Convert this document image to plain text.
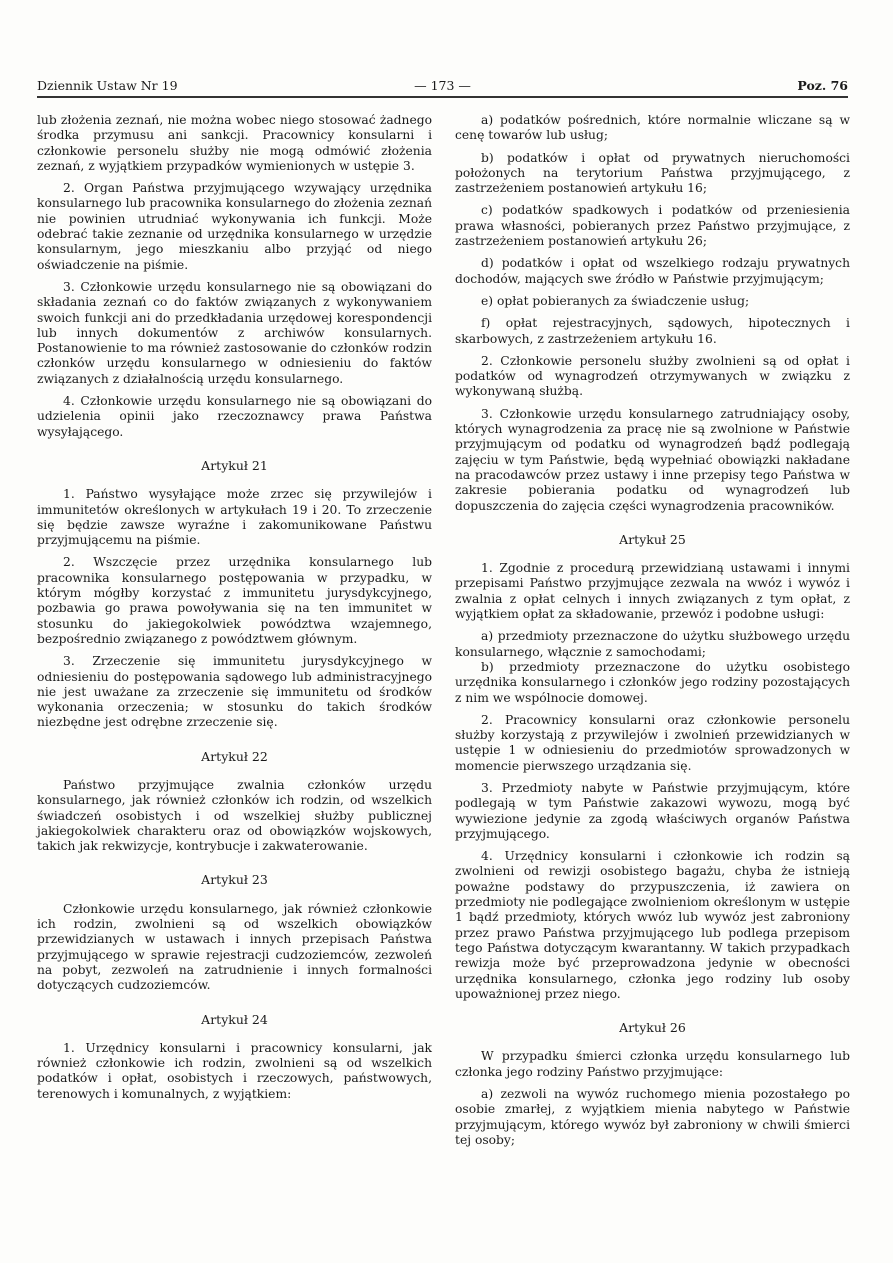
Dziennik Ustaw Nr 19	— 173 —	Poz. 76
lub złożenia zeznań, nie można wobec niego stosować żadnego środka przymusu ani sankcji. Pracownicy konsularni i członkowie personelu służby nie mogą odmówić złożenia zeznań, z wyjątkiem przypadków wymienionych w ustępie 3.
2. Organ Państwa przyjmującego wzywający urzędnika konsularnego lub pracownika konsularnego do złożenia zeznań nie powinien utrudniać wykonywania ich funkcji. Może odebrać takie zeznanie od urzędnika konsularnego w urzędzie konsularnym, jego mieszkaniu albo przyjąć od niego oświadczenie na piśmie.
3. Członkowie urzędu konsularnego nie są obowiązani do składania zeznań co do faktów związanych z wykonywaniem swoich funkcji ani do przedkładania urzędowej korespondencji lub innych dokumentów z archiwów konsularnych. Postanowienie to ma również zastosowanie do członków rodzin członków urzędu konsularnego w odniesieniu do faktów związanych z działalnością urzędu konsularnego.
4. Członkowie urzędu konsularnego nie są obowiązani do udzielenia opinii jako rzeczoznawcy prawa Państwa wysyłającego.
Artykuł 21
1. Państwo wysyłające może zrzec się przywilejów i immunitetów określonych w artykułach 19 i 20. To zrzeczenie się będzie zawsze wyraźne i zakomunikowane Państwu przyjmującemu na piśmie.
2. Wszczęcie przez urzędnika konsularnego lub pracownika konsularnego postępowania w przypadku, w którym mógłby korzystać z immunitetu jurysdykcyjnego, pozbawia go prawa powoływania się na ten immunitet w stosunku do jakiegokolwiek powództwa wzajemnego, bezpośrednio związanego z powództwem głównym.
3. Zrzeczenie się immunitetu jurysdykcyjnego w odniesieniu do postępowania sądowego lub administracyjnego nie jest uważane za zrzeczenie się immunitetu od środków wykonania orzeczenia; w stosunku do takich środków niezbędne jest odrębne zrzeczenie się.
Artykuł 22
Państwo przyjmujące zwalnia członków urzędu konsularnego, jak również członków ich rodzin, od wszelkich świadczeń osobistych i od wszelkiej służby publicznej jakiegokolwiek charakteru oraz od obowiązków wojskowych, takich jak rekwizycje, kontrybucje i zakwaterowanie.
Artykuł 23
Członkowie urzędu konsularnego, jak również członkowie ich rodzin, zwolnieni są od wszelkich obowiązków przewidzianych w ustawach i innych przepisach Państwa przyjmującego w sprawie rejestracji cudzoziemców, zezwoleń na pobyt, zezwoleń na zatrudnienie i innych formalności dotyczących cudzoziemców.
Artykuł 24
1. Urzędnicy konsularni i pracownicy konsularni, jak również członkowie ich rodzin, zwolnieni są od wszelkich podatków i opłat, osobistych i rzeczowych, państwowych, terenowych i komunalnych, z wyjątkiem:
a) podatków pośrednich, które normalnie wliczane są w cenę towarów lub usług;
b) podatków i opłat od prywatnych nieruchomości położonych na terytorium Państwa przyjmującego, z zastrzeżeniem postanowień artykułu 16;
c) podatków spadkowych i podatków od przeniesienia prawa własności, pobieranych przez Państwo przyjmujące, z zastrzeżeniem postanowień artykułu 26;
d) podatków i opłat od wszelkiego rodzaju prywatnych dochodów, mających swe źródło w Państwie przyjmującym;
e) opłat pobieranych za świadczenie usług;
f) opłat rejestracyjnych, sądowych, hipotecznych i skarbowych, z zastrzeżeniem artykułu 16.
2. Członkowie personelu służby zwolnieni są od opłat i podatków od wynagrodzeń otrzymywanych w związku z wykonywaną służbą.
3. Członkowie urzędu konsularnego zatrudniający osoby, których wynagrodzenia za pracę nie są zwolnione w Państwie przyjmującym od podatku od wynagrodzeń bądź podlegają zajęciu w tym Państwie, będą wypełniać obowiązki nakładane na pracodawców przez ustawy i inne przepisy tego Państwa w zakresie pobierania podatku od wynagrodzeń lub dopuszczenia do zajęcia części wynagrodzenia pracowników.
Artykuł 25
1. Zgodnie z procedurą przewidzianą ustawami i innymi przepisami Państwo przyjmujące zezwala na wwóz i wywóz i zwalnia z opłat celnych i innych związanych z tym opłat, z wyjątkiem opłat za składowanie, przewóz i podobne usługi:
a) przedmioty przeznaczone do użytku służbowego urzędu konsularnego, włącznie z samochodami;
b) przedmioty przeznaczone do użytku osobistego urzędnika konsularnego i członków jego rodziny pozostających z nim we wspólnocie domowej.
2. Pracownicy konsularni oraz członkowie personelu służby korzystają z przywilejów i zwolnień przewidzianych w ustępie 1 w odniesieniu do przedmiotów sprowadzonych w momencie pierwszego urządzania się.
3. Przedmioty nabyte w Państwie przyjmującym, które podlegają w tym Państwie zakazowi wywozu, mogą być wywiezione jedynie za zgodą właściwych organów Państwa przyjmującego.
4. Urzędnicy konsularni i członkowie ich rodzin są zwolnieni od rewizji osobistego bagażu, chyba że istnieją poważne podstawy do przypuszczenia, iż zawiera on przedmioty nie podlegające zwolnieniom określonym w ustępie 1 bądź przedmioty, których wwóz lub wywóz jest zabroniony przez prawo Państwa przyjmującego lub podlega przepisom tego Państwa dotyczącym kwarantanny. W takich przypadkach rewizja może być przeprowadzona jedynie w obecności urzędnika konsularnego, członka jego rodziny lub osoby upoważnionej przez niego.
Artykuł 26
W przypadku śmierci członka urzędu konsularnego lub członka jego rodziny Państwo przyjmujące:
a) zezwoli na wywóz ruchomego mienia pozostałego po osobie zmarłej, z wyjątkiem mienia nabytego w Państwie przyjmującym, którego wywóz był zabroniony w chwili śmierci tej osoby;
